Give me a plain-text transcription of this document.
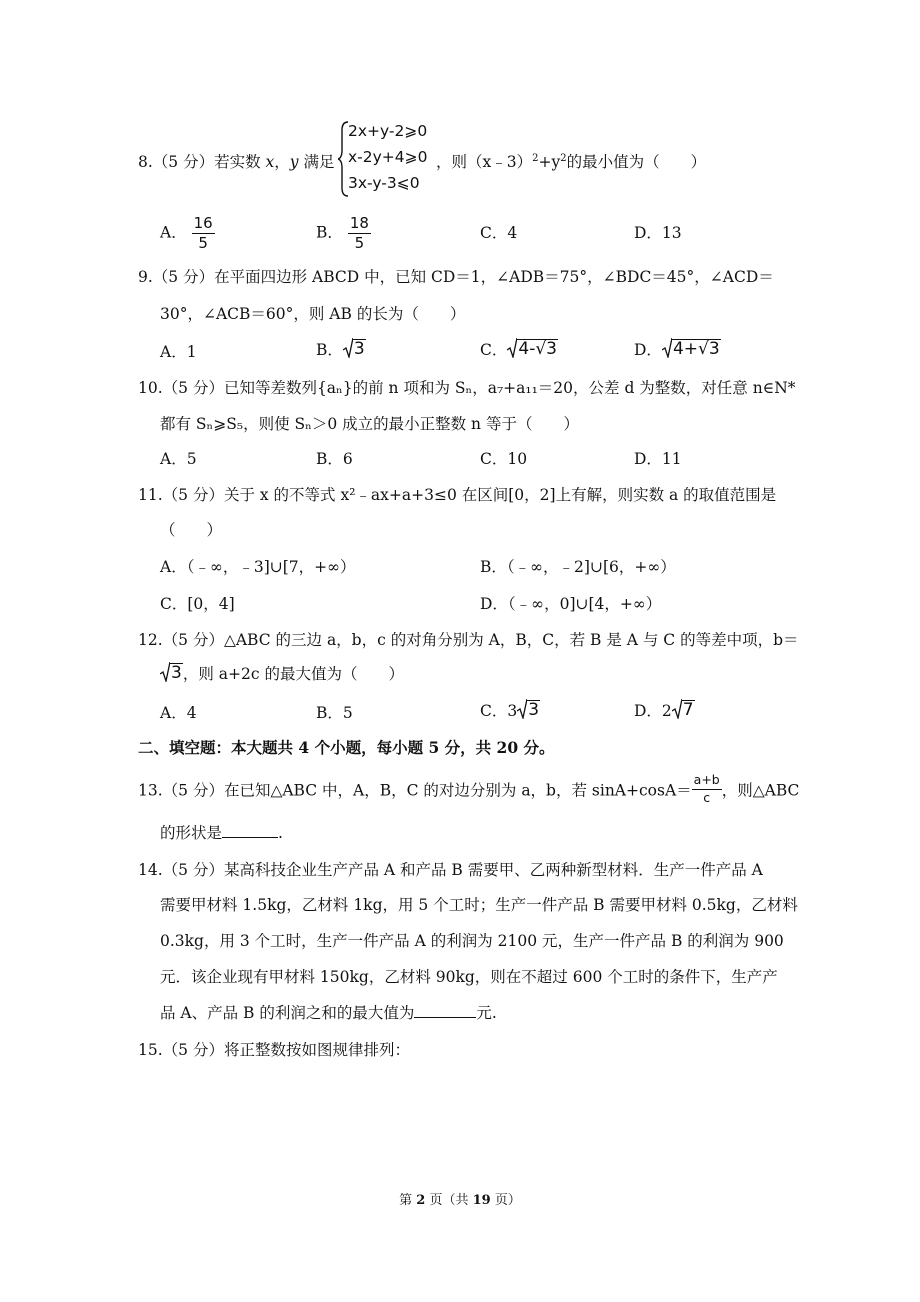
8.（5 分）若实数 x，y 满足
2x+y-2⩾0
x-2y+4⩾0
3x-y-3⩽0
，则$(x﹣3)^2+y^2$的最小值为（　　）
A． $\frac{16}{5}$	B． $\frac{18}{5}$	C．4	D．13
9.（5 分）在平面四边形 ABCD 中，已知 CD＝1，∠ADB＝75°，∠BDC＝45°，∠ACD＝
30°，∠ACB＝60°，则 AB 的长为（　　）
A．1	B． 3	C． 4-√3	D． 4+√3
10.（5 分）已知等差数列{aₙ}的前 n 项和为 Sₙ，a₇+a₁₁＝20，公差 d 为整数，对任意 n∈N*
都有 Sₙ⩾S₅，则使 Sₙ＞0 成立的最小正整数 n 等于（　　）
A．5	B．6	C．10	D．11
11.（5 分）关于 x 的不等式 x²﹣ax+a+3≤0 在区间[0，2]上有解，则实数 a 的取值范围是
（　　）
A．（﹣∞，﹣3]∪[7，+∞）	B．（﹣∞，﹣2]∪[6，+∞）
C．[0，4]	D．（﹣∞，0]∪[4，+∞）
12.（5 分）△ABC 的三边 a，b，c 的对角分别为 A，B，C，若 B 是 A 与 C 的等差中项，b＝
3 ，则 a+2c 的最大值为（　　）
A．4	B．5	C．3 3	D．2 7
二、填空题：本大题共 4 个小题，每小题 5 分，共 20 分。
13.（5 分）在已知△ABC 中，A，B，C 的对边分别为 a，b，若 $\sin A+\cos A= \frac{a+b}{c}$ ，则△ABC
的形状是	.
14.（5 分）某高科技企业生产产品 A 和产品 B 需要甲、乙两种新型材料．生产一件产品 A
需要甲材料 1.5kg，乙材料 1kg，用 5 个工时；生产一件产品 B 需要甲材料 0.5kg，乙材料
0.3kg，用 3 个工时，生产一件产品 A 的利润为 2100 元，生产一件产品 B 的利润为 900
元．该企业现有甲材料 150kg，乙材料 90kg，则在不超过 600 个工时的条件下，生产产
品 A、产品 B 的利润之和的最大值为	元.
15.（5 分）将正整数按如图规律排列：
第 2 页（共 19 页）
